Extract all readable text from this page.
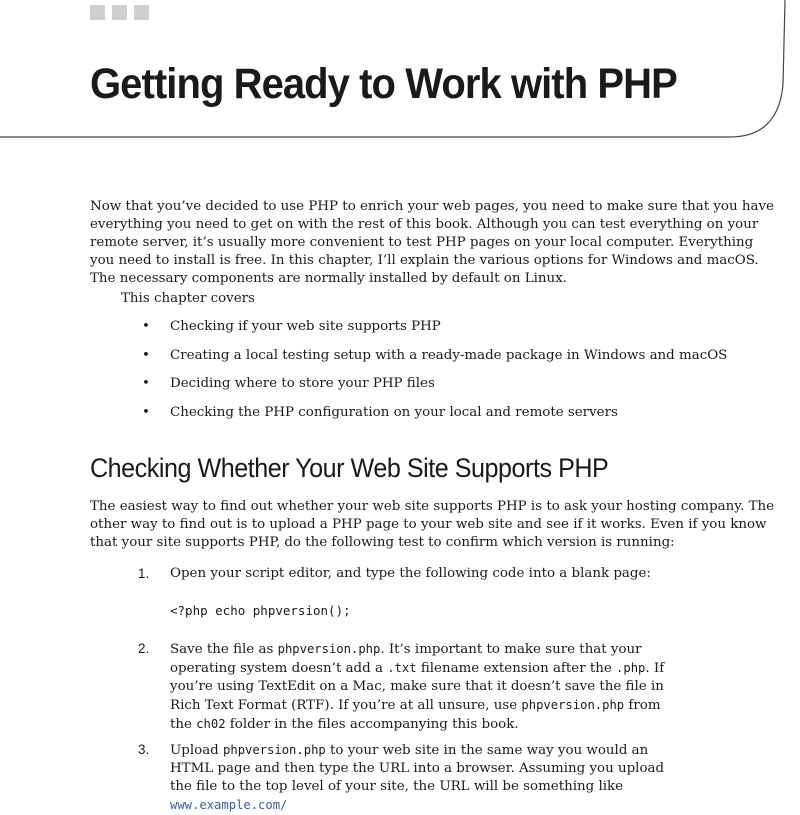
Getting Ready to Work with PHP

Now that you’ve decided to use PHP to enrich your web pages, you need to make sure that you have everything you need to get on with the rest of this book. Although you can test everything on your remote server, it’s usually more convenient to test PHP pages on your local computer. Everything you need to install is free. In this chapter, I’ll explain the various options for Windows and macOS. The necessary components are normally installed by default on Linux.

This chapter covers
• Checking if your web site supports PHP
• Creating a local testing setup with a ready-made package in Windows and macOS
• Deciding where to store your PHP files
• Checking the PHP configuration on your local and remote servers
Checking Whether Your Web Site Supports PHP

The easiest way to find out whether your web site supports PHP is to ask your hosting company. The other way to find out is to upload a PHP page to your web site and see if it works. Even if you know that your site supports PHP, do the following test to confirm which version is running:

1. Open your script editor, and type the following code into a blank page:
<?php echo phpversion();
2. Save the file as phpversion.php. It’s important to make sure that your operating system doesn’t add a .txt filename extension after the .php. If you’re using TextEdit on a Mac, make sure that it doesn’t save the file in Rich Text Format (RTF). If you’re at all unsure, use phpversion.php from the ch02 folder in the files accompanying this book.
3. Upload phpversion.php to your web site in the same way you would an HTML page and then type the URL into a browser. Assuming you upload the file to the top level of your site, the URL will be something like www.example.com/
